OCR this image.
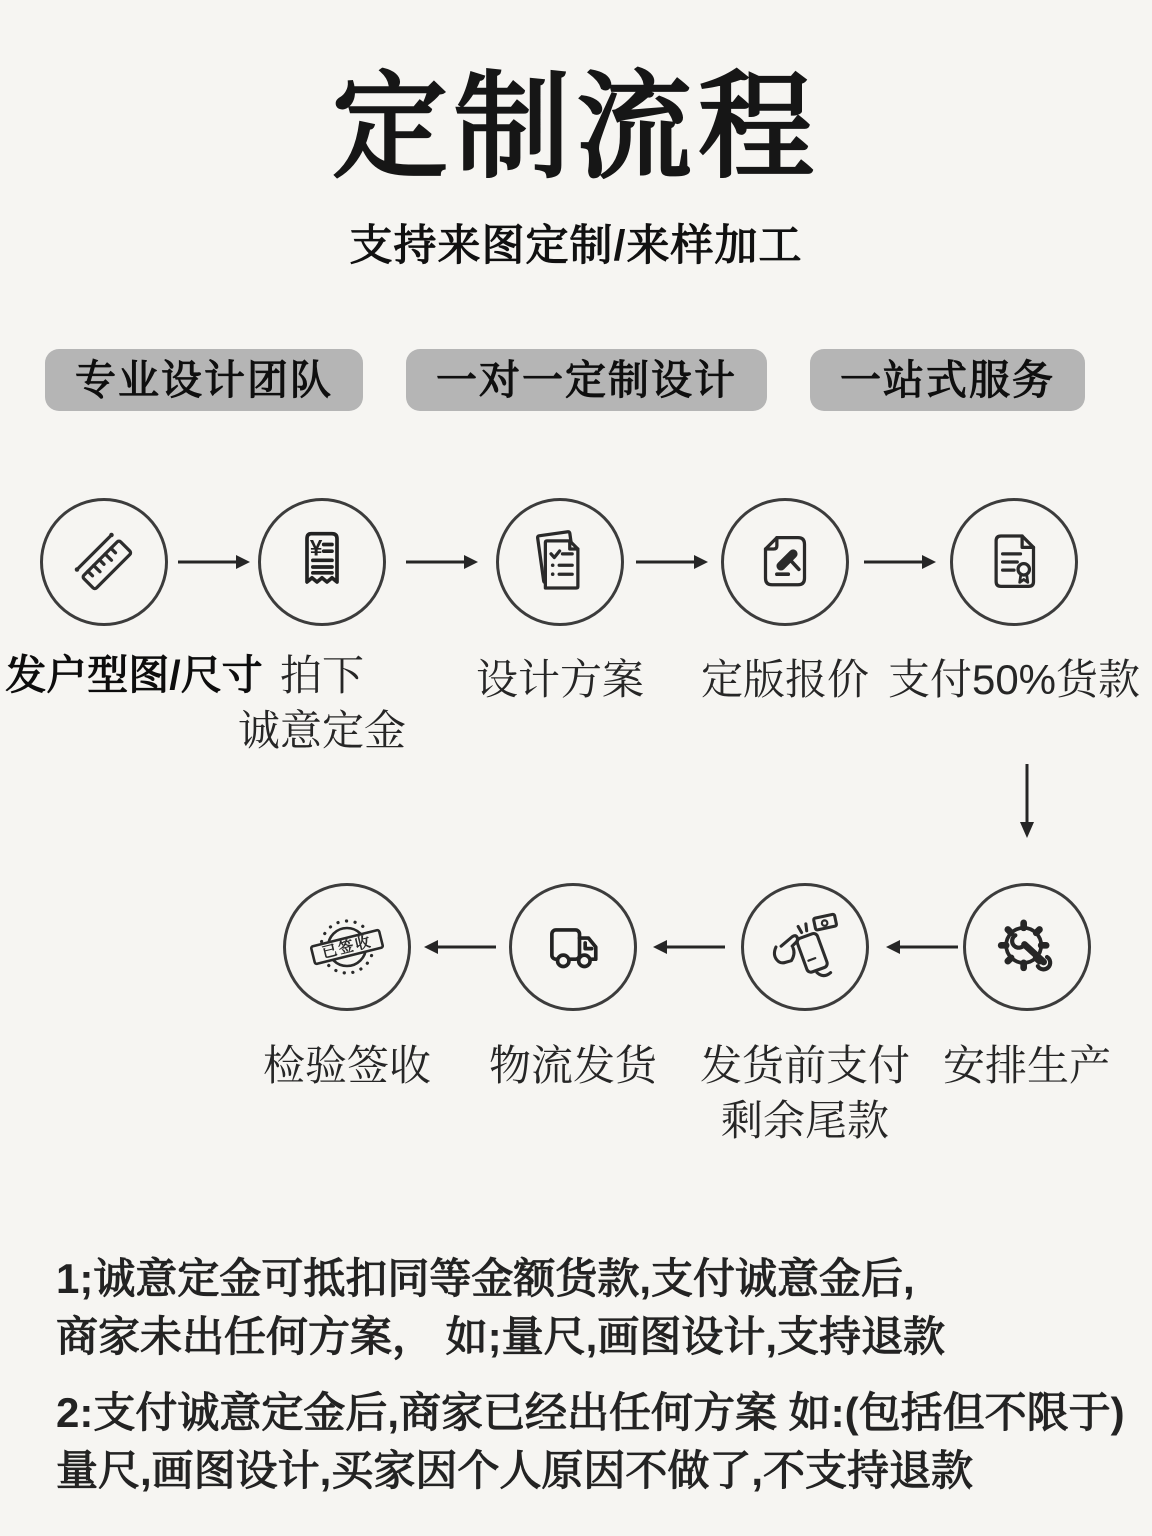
定制流程
支持来图定制/来样加工
专业设计团队	一对一定制设计	一站式服务
发户型图/尺寸
¥
拍下
诚意定金
设计方案	定版报价 支付50%货款
已签收
检验签收	物流发货	发货前支付
剩余尾款
安排生产
1;诚意定金可抵扣同等金额货款,支付诚意金后,
商家未出任何方案， 如;量尺,画图设计,支持退款
2:支付诚意定金后,商家已经出任何方案 如:(包括但不限于)
量尺,画图设计,买家因个人原因不做了,不支持退款
